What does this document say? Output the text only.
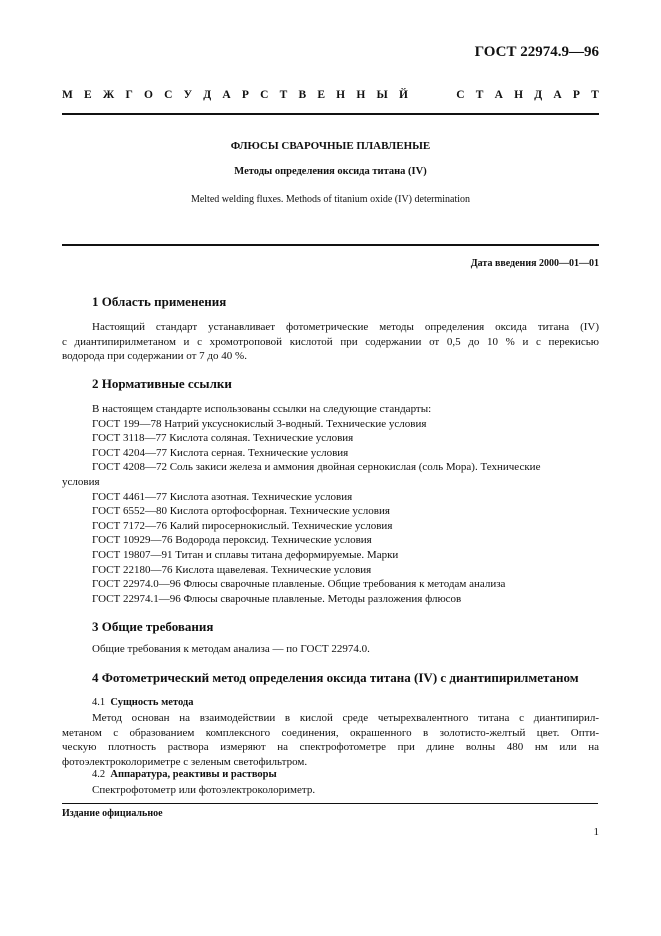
ГОСТ 22974.9—96
М Е Ж Г О С У Д А Р С Т В Е Н Н Ы Й	С Т А Н Д А Р Т
ФЛЮСЫ СВАРОЧНЫЕ ПЛАВЛЕНЫЕ
Методы определения оксида титана (IV)
Melted welding fluxes. Methods of titanium oxide (IV) determination
Дата введения 2000—01—01
1 Область применения
Настоящий стандарт устанавливает фотометрические методы определения оксида титана (IV)
с диантипирилметаном и с хромотроповой кислотой при содержании от 0,5 до 10 % и с перекисью
водорода при содержании от 7 до 40 %.
2 Нормативные ссылки
В настоящем стандарте использованы ссылки на следующие стандарты:
ГОСТ 199—78 Натрий уксуснокислый 3-водный. Технические условия
ГОСТ 3118—77 Кислота соляная. Технические условия
ГОСТ 4204—77 Кислота серная. Технические условия
ГОСТ 4208—72 Соль закиси железа и аммония двойная сернокислая (соль Мора). Технические
условия
ГОСТ 4461—77 Кислота азотная. Технические условия
ГОСТ 6552—80 Кислота ортофосфорная. Технические условия
ГОСТ 7172—76 Калий пиросернокислый. Технические условия
ГОСТ 10929—76 Водорода пероксид. Технические условия
ГОСТ 19807—91 Титан и сплавы титана деформируемые. Марки
ГОСТ 22180—76 Кислота щавелевая. Технические условия
ГОСТ 22974.0—96 Флюсы сварочные плавленые. Общие требования к методам анализа
ГОСТ 22974.1—96 Флюсы сварочные плавленые. Методы разложения флюсов
3 Общие требования
Общие требования к методам анализа — по ГОСТ 22974.0.
4 Фотометрический метод определения оксида титана (IV) с диантипирилметаном
4.1 Сущность метода
Метод основан на взаимодействии в кислой среде четырехвалентного титана с диантипирил-
метаном с образованием комплексного соединения, окрашенного в золотисто-желтый цвет. Опти-
ческую плотность раствора измеряют на спектрофотометре при длине волны 480 нм или на
фотоэлектроколориметре с зеленым светофильтром.
4.2 Аппаратура, реактивы и растворы
Спектрофотометр или фотоэлектроколориметр.
Издание официальное
1
